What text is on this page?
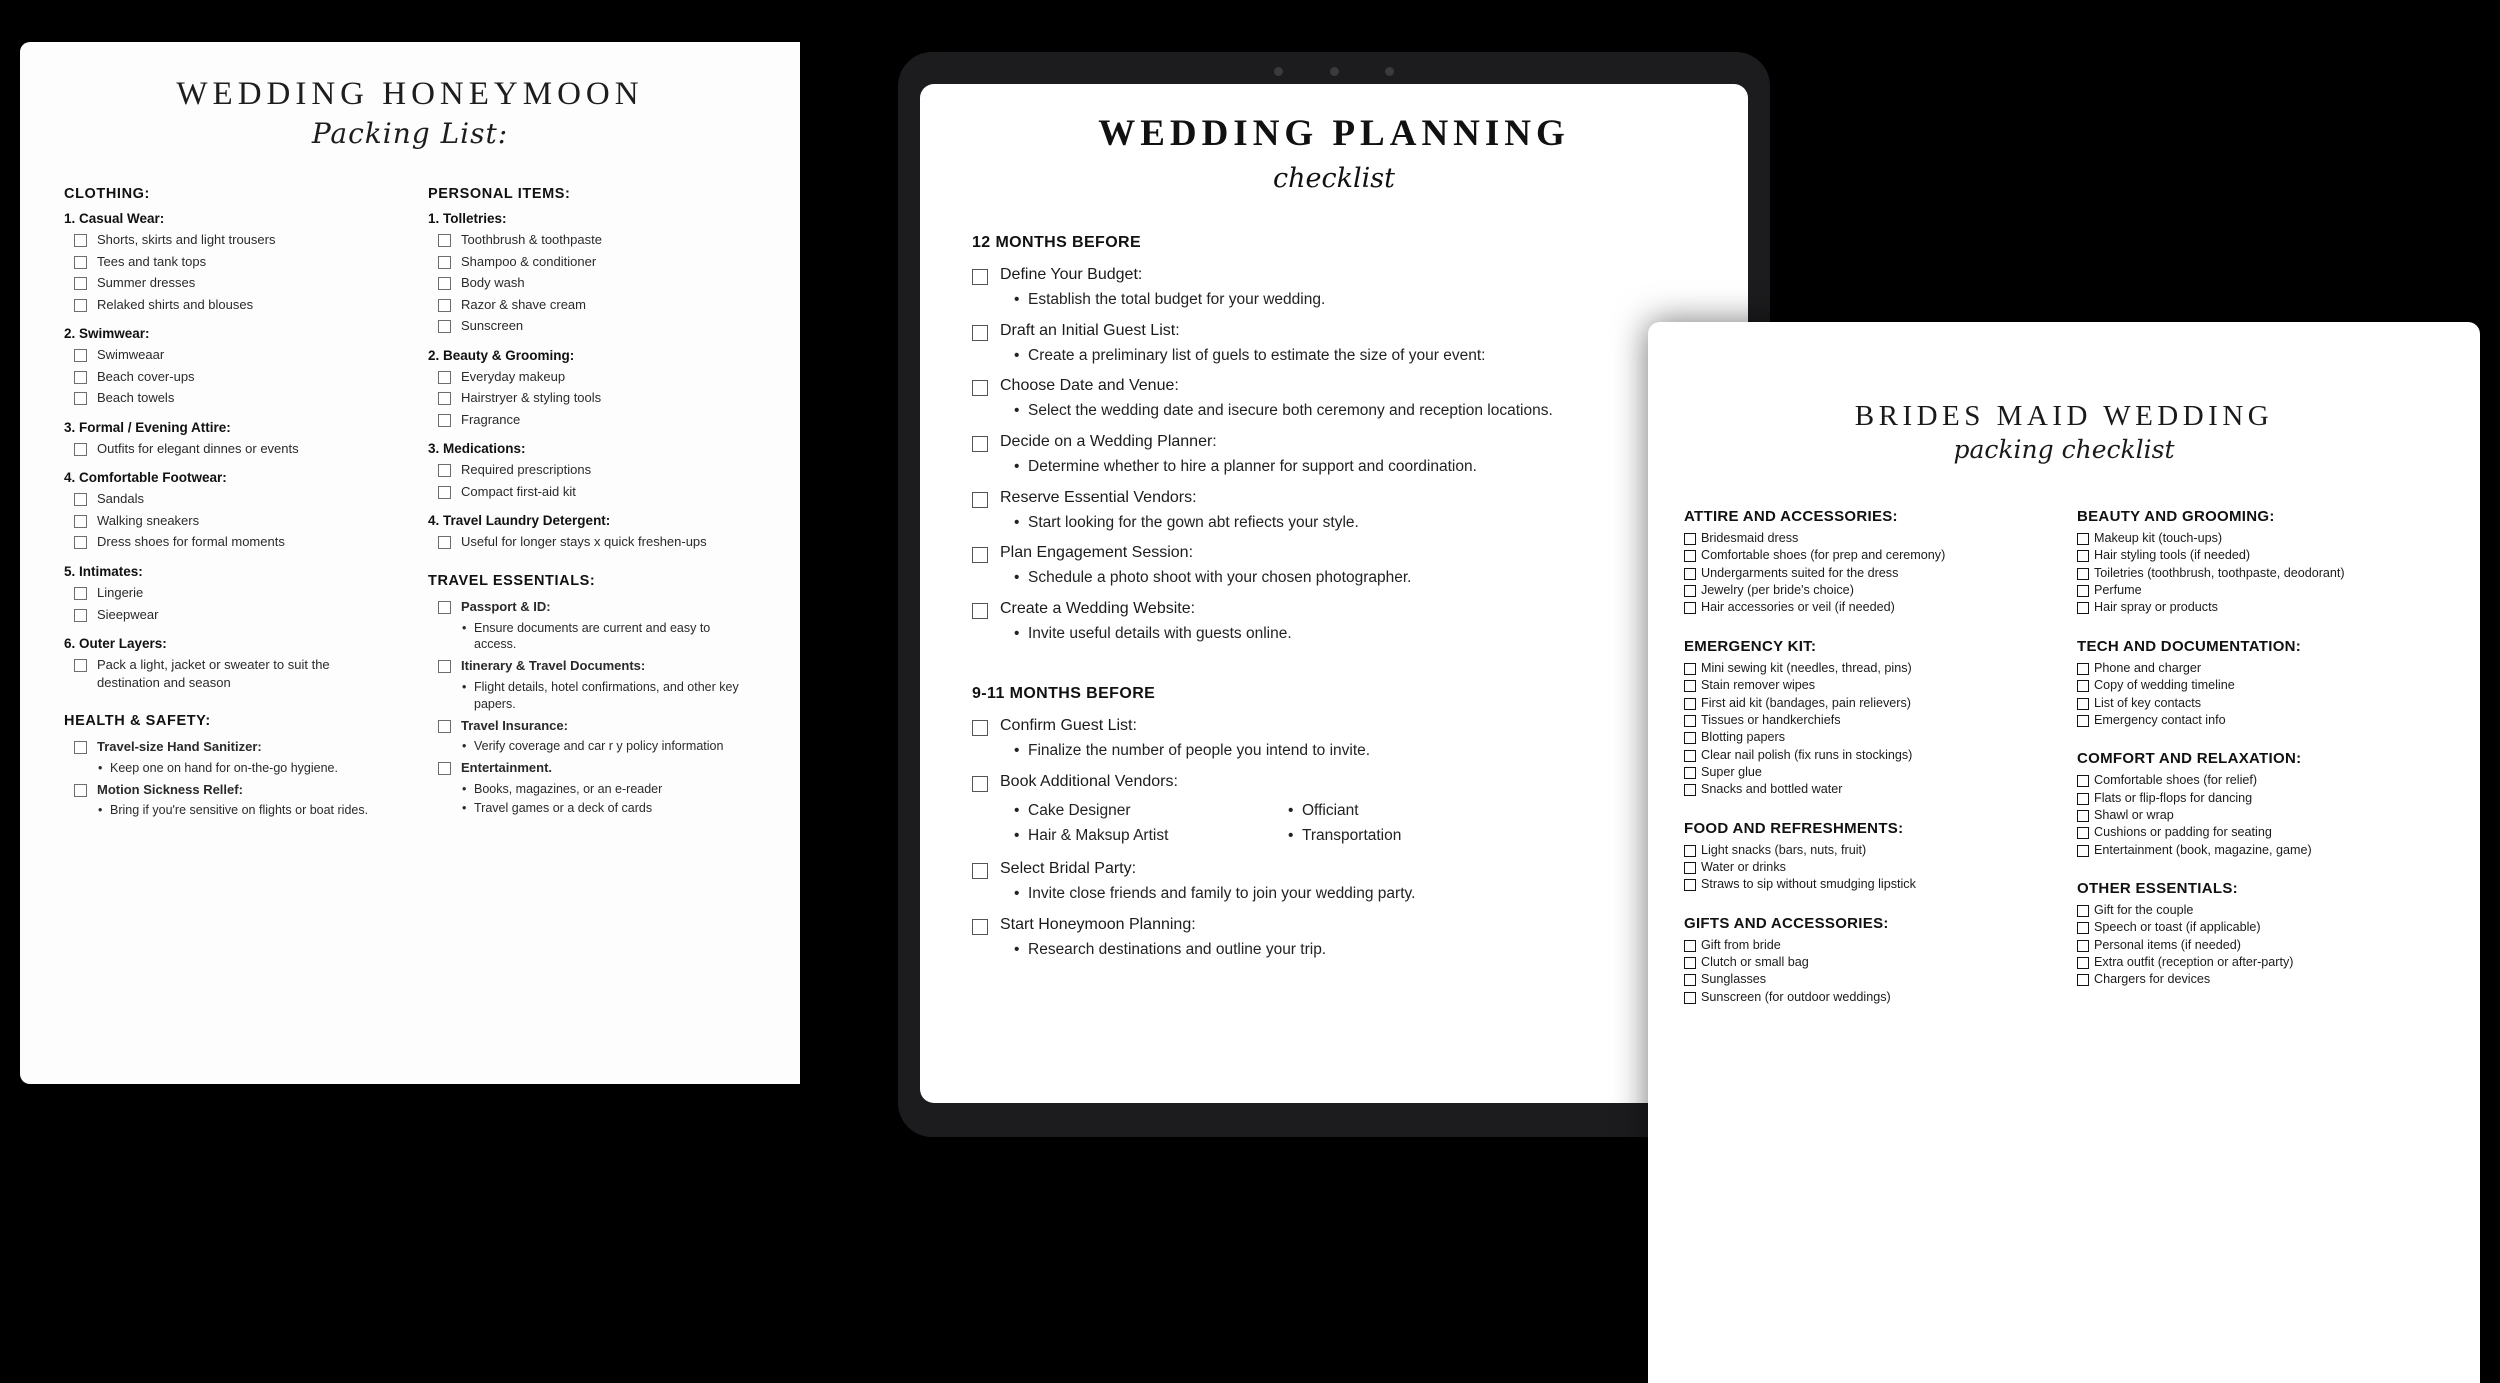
WEDDING HONEYMOON
Packing List:
CLOTHING:
1. Casual Wear:
Shorts, skirts and light trousers
Tees and tank tops
Summer dresses
Relaked shirts and blouses
2. Swimwear:
Swimweaar
Beach cover-ups
Beach towels
3. Formal / Evening Attire:
Outfits for elegant dinnes or events
4. Comfortable Footwear:
Sandals
Walking sneakers
Dress shoes for formal moments
5. Intimates:
Lingerie
Sieepwear
6. Outer Layers:
Pack a light, jacket or sweater to suit the destination and season
HEALTH & SAFETY:
Travel-size Hand Sanitizer:
• Keep one on hand for on-the-go hygiene.
Motion Sickness Rellef:
• Bring if you're sensitive on flights or boat rides.
PERSONAL ITEMS:
1. Tolletries:
Toothbrush & toothpaste
Shampoo & conditioner
Body wash
Razor & shave cream
Sunscreen
2. Beauty & Grooming:
Everyday makeup
Hairstryer & styling tools
Fragrance
3. Medications:
Required prescriptions
Compact first-aid kit
4. Travel Laundry Detergent:
Useful for longer stays x quick freshen-ups
TRAVEL ESSENTIALS:
Passport & ID:
• Ensure documents are current and easy to access.
Itinerary & Travel Documents:
• Flight details, hotel confirmations, and other key papers.
Travel Insurance:
• Verify coverage and car r y policy information
Entertainment.
• Books, magazines, or an e-reader
• Travel games or a deck of cards
WEDDING PLANNING
checklist
12 MONTHS BEFORE
Define Your Budget:
• Establish the total budget for your wedding.
Draft an Initial Guest List:
• Create a preliminary list of guels to estimate the size of your event:
Choose Date and Venue:
• Select the wedding date and isecure both ceremony and reception locations.
Decide on a Wedding Planner:
• Determine whether to hire a planner for support and coordination.
Reserve Essential Vendors:
• Start looking for the gown abt refiects your style.
Plan Engagement Session:
• Schedule a photo shoot with your chosen photographer.
Create a Wedding Website:
• Invite useful details with guests online.
9-11 MONTHS BEFORE
Confirm Guest List:
• Finalize the number of people you intend to invite.
Book Additional Vendors:
• Cake Designer
• Hair & Maksup Artist
• Officiant
• Transportation
Select Bridal Party:
• Invite close friends and family to join your wedding party.
Start Honeymoon Planning:
• Research destinations and outline your trip.
BRIDES MAID WEDDING
packing checklist
ATTIRE AND ACCESSORIES:
Bridesmaid dress
Comfortable shoes (for prep and ceremony)
Undergarments suited for the dress
Jewelry (per bride's choice)
Hair accessories or veil (if needed)
EMERGENCY KIT:
Mini sewing kit (needles, thread, pins)
Stain remover wipes
First aid kit (bandages, pain relievers)
Tissues or handkerchiefs
Blotting papers
Clear nail polish (fix runs in stockings)
Super glue
Snacks and bottled water
FOOD AND REFRESHMENTS:
Light snacks (bars, nuts, fruit)
Water or drinks
Straws to sip without smudging lipstick
GIFTS AND ACCESSORIES:
Gift from bride
Clutch or small bag
Sunglasses
Sunscreen (for outdoor weddings)
BEAUTY AND GROOMING:
Makeup kit (touch-ups)
Hair styling tools (if needed)
Toiletries (toothbrush, toothpaste, deodorant)
Perfume
Hair spray or products
TECH AND DOCUMENTATION:
Phone and charger
Copy of wedding timeline
List of key contacts
Emergency contact info
COMFORT AND RELAXATION:
Comfortable shoes (for relief)
Flats or flip-flops for dancing
Shawl or wrap
Cushions or padding for seating
Entertainment (book, magazine, game)
OTHER ESSENTIALS:
Gift for the couple
Speech or toast (if applicable)
Personal items (if needed)
Extra outfit (reception or after-party)
Chargers for devices
